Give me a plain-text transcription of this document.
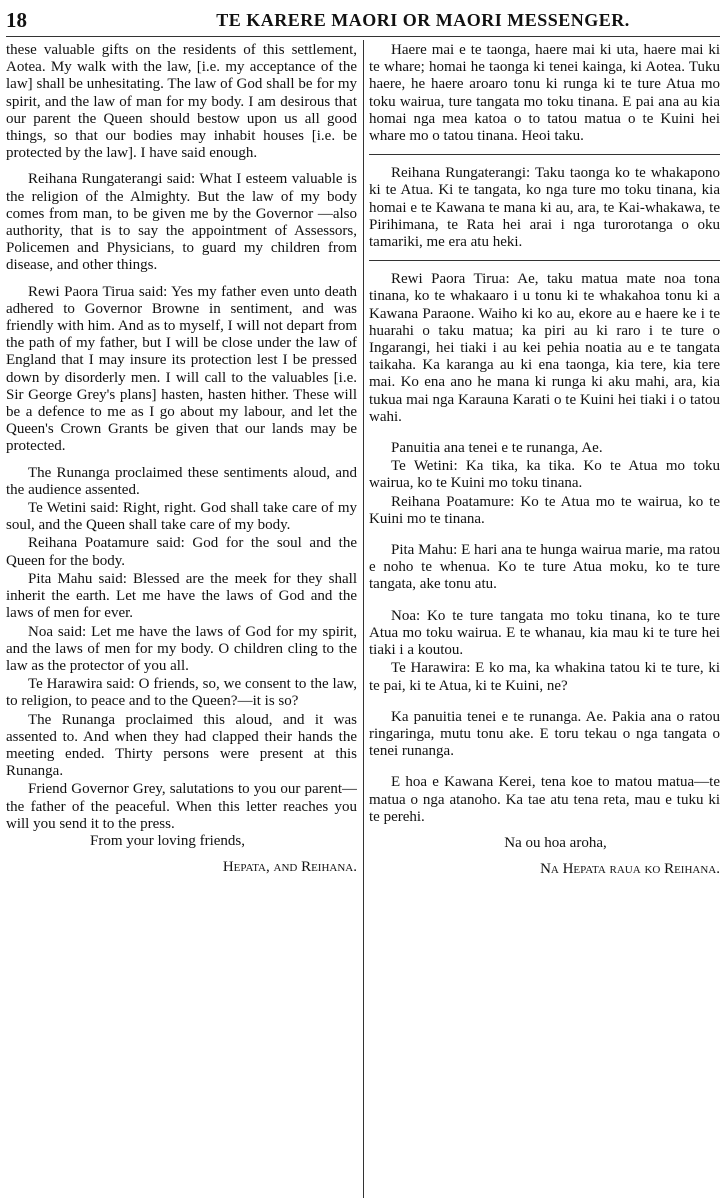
18	TE KARERE MAORI OR MAORI MESSENGER.

these valuable gifts on the residents of this settlement, Aotea. My walk with the law, [i.e. my acceptance of the law] shall be unhesitating. The law of God shall be for my spirit, and the law of man for my body. I am desirous that our parent the Queen should bestow upon us all good things, so that our bodies may inhabit houses [i.e. be protected by the law]. I have said enough.

Reihana Rungaterangi said: What I esteem valuable is the religion of the Almighty. But the law of my body comes from man, to be given me by the Governor —also authority, that is to say the appointment of Assessors, Policemen and Physicians, to guard my children from disease, and other things.

Rewi Paora Tirua said: Yes my father even unto death adhered to Governor Browne in sentiment, and was friendly with him. And as to myself, I will not depart from the path of my father, but I will be close under the law of England that I may insure its protection lest I be pressed down by disorderly men. I will call to the valuables [i.e. Sir George Grey's plans] hasten, hasten hither. These will be a defence to me as I go about my labour, and let the Queen's Crown Grants be given that our lands may be protected.

The Runanga proclaimed these sentiments aloud, and the audience assented.

Te Wetini said: Right, right. God shall take care of my soul, and the Queen shall take care of my body.

Reihana Poatamure said: God for the soul and the Queen for the body.

Pita Mahu said: Blessed are the meek for they shall inherit the earth. Let me have the laws of God and the laws of men for ever.

Noa said: Let me have the laws of God for my spirit, and the laws of men for my body. O children cling to the law as the protector of you all.

Te Harawira said: O friends, so, we consent to the law, to religion, to peace and to the Queen?—it is so?

The Runanga proclaimed this aloud, and it was assented to. And when they had clapped their hands the meeting ended. Thirty persons were present at this Runanga.

Friend Governor Grey, salutations to you our parent—the father of the peaceful. When this letter reaches you will you send it to the press.

From your loving friends,

Hepata, and Reihana.

Haere mai e te taonga, haere mai ki uta, haere mai ki te whare; homai he taonga ki tenei kainga, ki Aotea. Tuku haere, he haere aroaro tonu ki runga ki te ture Atua mo toku wairua, ture tangata mo toku tinana. E pai ana au kia homai nga mea katoa o to tatou matua o te Kuini hei whare mo o tatou tinana. Heoi taku.

Reihana Rungaterangi: Taku taonga ko te whakapono ki te Atua. Ki te tangata, ko nga ture mo toku tinana, kia homai e te Kawana te mana ki au, ara, te Kai-whakawa, te Pirihimana, te Rata hei arai i nga turorotanga o oku tamariki, me era atu heki.

Rewi Paora Tirua: Ae, taku matua mate noa tona tinana, ko te whakaaro i u tonu ki te whakahoa tonu ki a Kawana Paraone. Waiho ki ko au, ekore au e haere ke i te huarahi o taku matua; ka piri au ki raro i te ture o Ingarangi, hei tiaki i au kei pehia noatia au e te tangata taikaha. Ka karanga au ki ena taonga, kia tere, kia tere mai. Ko ena ano he mana ki runga ki aku mahi, ara, kia tukua mai nga Karauna Karati o te Kuini hei tiaki i o tatou wahi.

Panuitia ana tenei e te runanga, Ae.

Te Wetini: Ka tika, ka tika. Ko te Atua mo toku wairua, ko te Kuini mo toku tinana.

Reihana Poatamure: Ko te Atua mo te wairua, ko te Kuini mo te tinana.

Pita Mahu: E hari ana te hunga wairua marie, ma ratou e noho te whenua. Ko te ture Atua moku, ko te ture tangata, ake tonu atu.

Noa: Ko te ture tangata mo toku tinana, ko te ture Atua mo toku wairua. E te whanau, kia mau ki te ture hei tiaki i a koutou.

Te Harawira: E ko ma, ka whakina tatou ki te ture, ki te pai, ki te Atua, ki te Kuini, ne?

Ka panuitia tenei e te runanga. Ae. Pakia ana o ratou ringaringa, mutu tonu ake. E toru tekau o nga tangata o tenei runanga.

E hoa e Kawana Kerei, tena koe to matou matua—te matua o nga atanoho. Ka tae atu tena reta, mau e tuku ki te perehi.

Na ou hoa aroha,

Na Hepata raua ko Reihana.
